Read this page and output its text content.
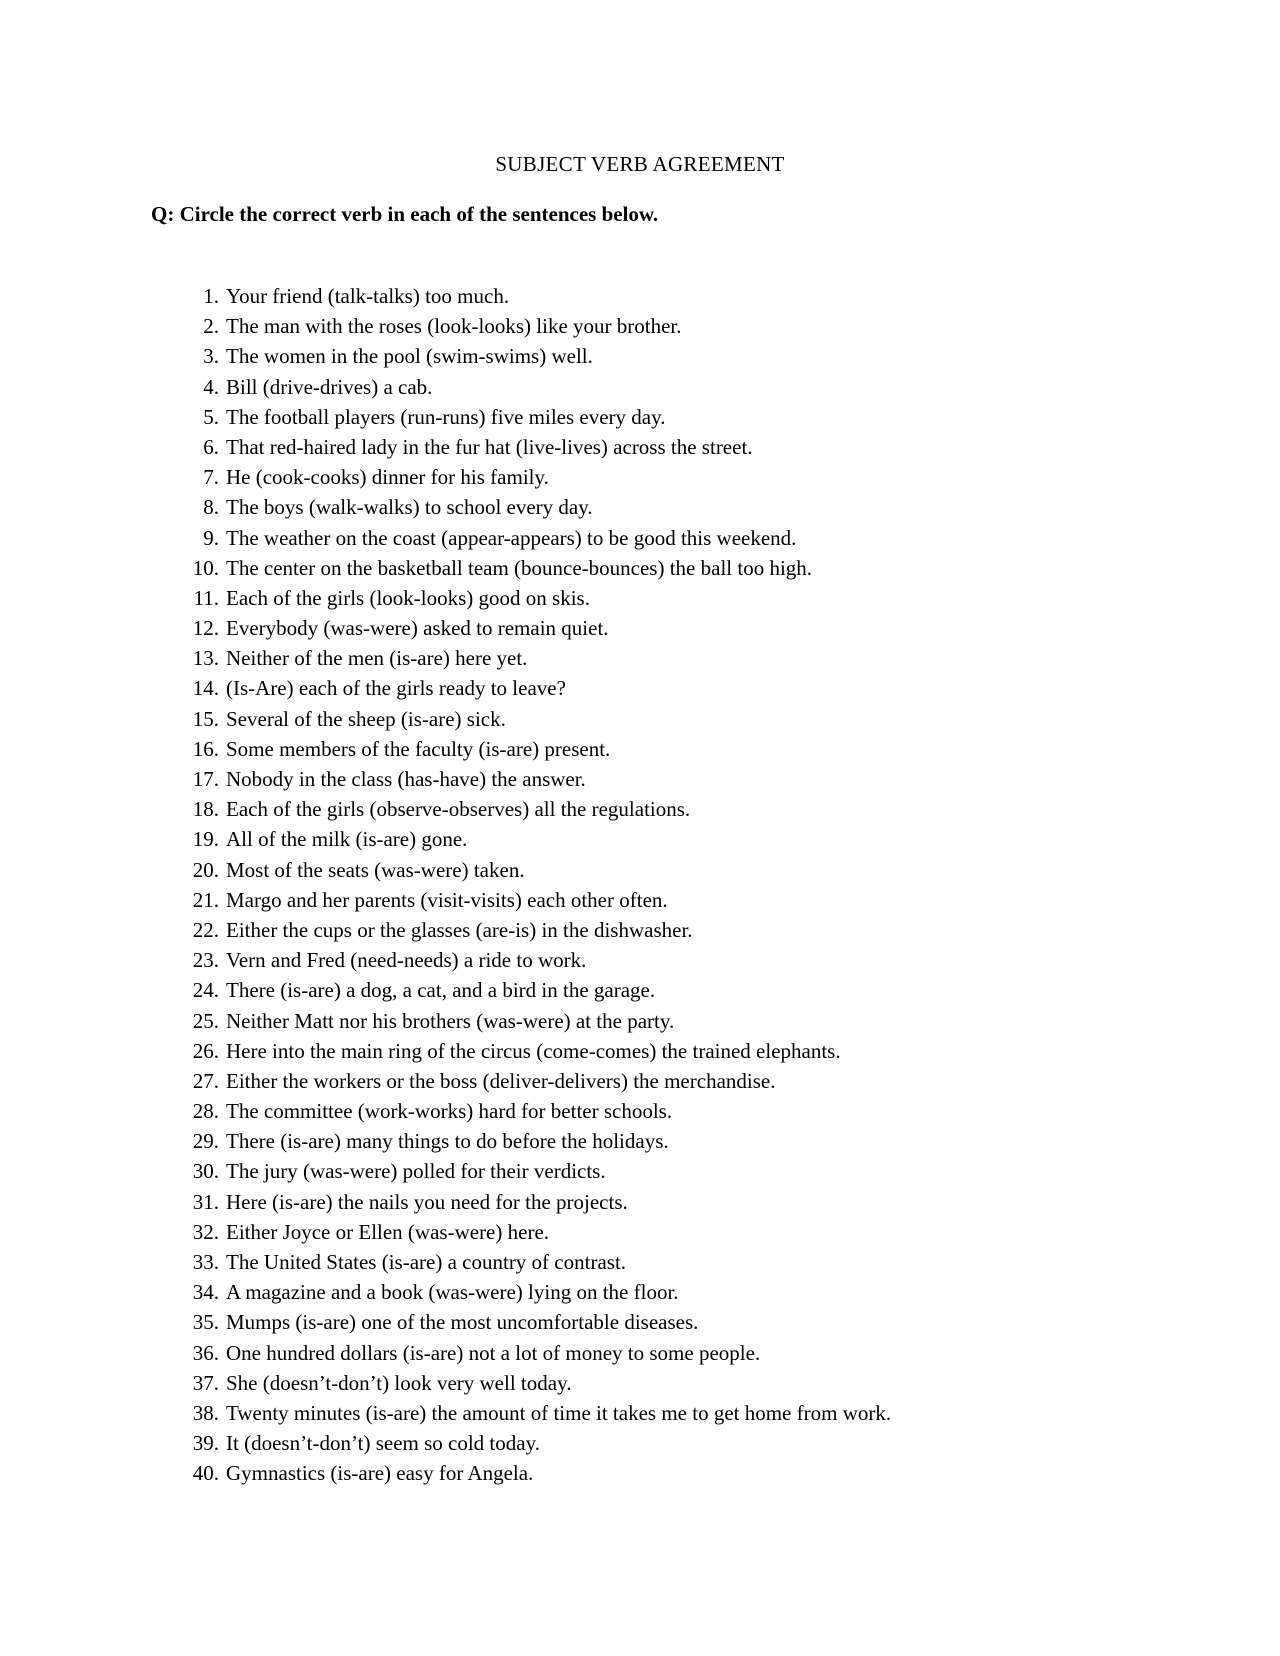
SUBJECT VERB AGREEMENT

Q: Circle the correct verb in each of the sentences below.

1. Your friend (talk-talks) too much.
2. The man with the roses (look-looks) like your brother.
3. The women in the pool (swim-swims) well.
4. Bill (drive-drives) a cab.
5. The football players (run-runs) five miles every day.
6. That red-haired lady in the fur hat (live-lives) across the street.
7. He (cook-cooks) dinner for his family.
8. The boys (walk-walks) to school every day.
9. The weather on the coast (appear-appears) to be good this weekend.
10. The center on the basketball team (bounce-bounces) the ball too high.
11. Each of the girls (look-looks) good on skis.
12. Everybody (was-were) asked to remain quiet.
13. Neither of the men (is-are) here yet.
14. (Is-Are) each of the girls ready to leave?
15. Several of the sheep (is-are) sick.
16. Some members of the faculty (is-are) present.
17. Nobody in the class (has-have) the answer.
18. Each of the girls (observe-observes) all the regulations.
19. All of the milk (is-are) gone.
20. Most of the seats (was-were) taken.
21. Margo and her parents (visit-visits) each other often.
22. Either the cups or the glasses (are-is) in the dishwasher.
23. Vern and Fred (need-needs) a ride to work.
24. There (is-are) a dog, a cat, and a bird in the garage.
25. Neither Matt nor his brothers (was-were) at the party.
26. Here into the main ring of the circus (come-comes) the trained elephants.
27. Either the workers or the boss (deliver-delivers) the merchandise.
28. The committee (work-works) hard for better schools.
29. There (is-are) many things to do before the holidays.
30. The jury (was-were) polled for their verdicts.
31. Here (is-are) the nails you need for the projects.
32. Either Joyce or Ellen (was-were) here.
33. The United States (is-are) a country of contrast.
34. A magazine and a book (was-were) lying on the floor.
35. Mumps (is-are) one of the most uncomfortable diseases.
36. One hundred dollars (is-are) not a lot of money to some people.
37. She (doesn’t-don’t) look very well today.
38. Twenty minutes (is-are) the amount of time it takes me to get home from work.
39. It (doesn’t-don’t) seem so cold today.
40. Gymnastics (is-are) easy for Angela.
